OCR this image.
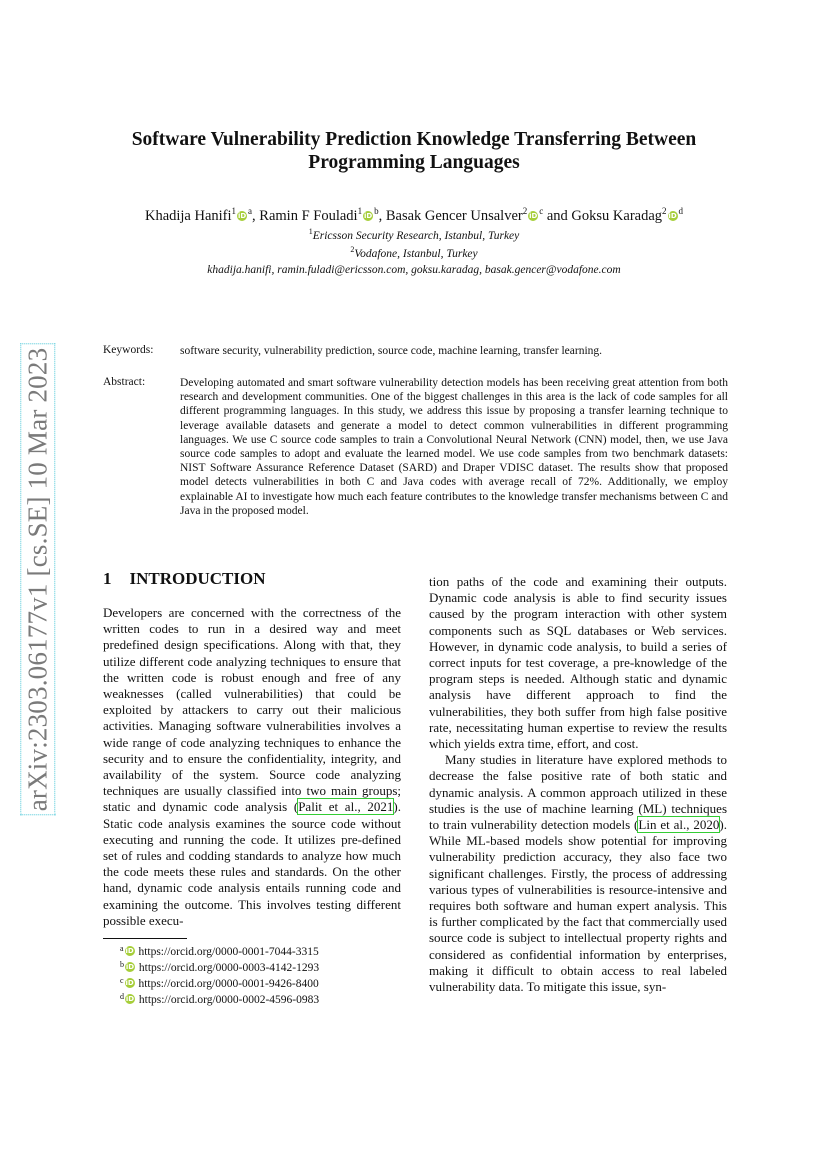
arXiv:2303.06177v1 [cs.SE] 10 Mar 2023
Software Vulnerability Prediction Knowledge Transferring Between
Programming Languages
Khadija Hanifi$^1$ iD $^a$, Ramin F Fouladi$^1$ iD $^b$, Basak Gencer Unsalver$^2$ iD $^c$ and Goksu Karadag$^2$ iD $^d$
$^1$Ericsson Security Research, Istanbul, Turkey
$^2$Vodafone, Istanbul, Turkey
khadija.hanifi, ramin.fuladi@ericsson.com, goksu.karadag, basak.gencer@vodafone.com
Keywords: software security, vulnerability prediction, source code, machine learning, transfer learning.
Abstract:	Developing automated and smart software vulnerability detection models has been receiving great attention from both research and development communities. One of the biggest challenges in this area is the lack of code samples for all different programming languages. In this study, we address this issue by proposing a transfer learning technique to leverage available datasets and generate a model to detect common vulnerabilities in different programming languages. We use C source code samples to train a Convolutional Neural Network (CNN) model, then, we use Java source code samples to adopt and evaluate the learned model. We use code samples from two benchmark datasets: NIST Software Assurance Reference Dataset (SARD) and Draper VDISC dataset. The results show that proposed model detects vulnerabilities in both C and Java codes with average recall of 72%. Additionally, we employ explainable AI to investigate how much each feature contributes to the knowledge transfer mechanisms between C and Java in the proposed model.
1 INTRODUCTION

Developers are concerned with the correctness of the written codes to run in a desired way and meet predefined design specifications. Along with that, they utilize different code analyzing techniques to ensure that the written code is robust enough and free of any weaknesses (called vulnerabilities) that could be exploited by attackers to carry out their malicious activities. Managing software vulnerabilities involves a wide range of code analyzing techniques to enhance the security and to ensure the confidentiality, integrity, and availability of the system. Source code analyzing techniques are usually classified into two main groups; static and dynamic code analysis (Palit et al., 2021). Static code analysis examines the source code without executing and running the code. It utilizes pre-defined set of rules and codding standards to analyze how much the code meets these rules and standards. On the other hand, dynamic code analysis entails running code and examining the outcome. This involves testing different possible execu-

tion paths of the code and examining their outputs. Dynamic code analysis is able to find security issues caused by the program interaction with other system components such as SQL databases or Web services. However, in dynamic code analysis, to build a series of correct inputs for test coverage, a pre-knowledge of the program steps is needed. Although static and dynamic analysis have different approach to find the vulnerabilities, they both suffer from high false positive rate, necessitating human expertise to review the results which yields extra time, effort, and cost.

Many studies in literature have explored methods to decrease the false positive rate of both static and dynamic analysis. A common approach utilized in these studies is the use of machine learning (ML) techniques to train vulnerability detection models (Lin et al., 2020). While ML-based models show potential for improving vulnerability prediction accuracy, they also face two significant challenges. Firstly, the process of addressing various types of vulnerabilities is resource-intensive and requires both software and human expert analysis. This is further complicated by the fact that commercially used source code is subject to intellectual property rights and considered as confidential information by enterprises, making it difficult to obtain access to real labeled vulnerability data. To mitigate this issue, syn-

$^a$ iD https://orcid.org/0000-0001-7044-3315
$^b$ iD https://orcid.org/0000-0003-4142-1293
$^c$ iD https://orcid.org/0000-0001-9426-8400
$^d$ iD https://orcid.org/0000-0002-4596-0983
